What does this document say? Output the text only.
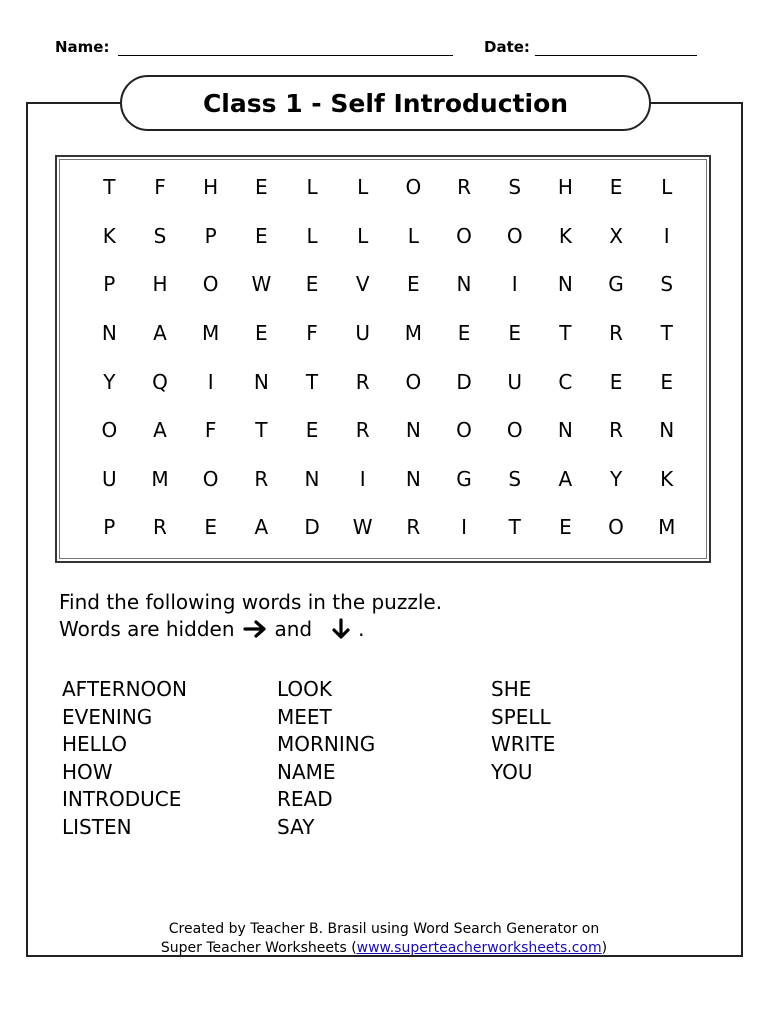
Name:	Date:
Class 1 - Self Introduction
T	F	H	E	L	L	O	R	S	H	E	L
K	S	P	E	L	L	L	O	O	K	X	I
P	H	O	W	E	V	E	N	I	N	G	S
N	A	M	E	F	U	M	E	E	T	R	T
Y	Q	I	N	T	R	O	D	U	C	E	E
O	A	F	T	E	R	N	O	O	N	R	N
U	M	O	R	N	I	N	G	S	A	Y	K
P	R	E	A	D	W	R	I	T	E	O	M
Find the following words in the puzzle.
Words are hidden and .
AFTERNOON
EVENING
HELLO
HOW
INTRODUCE
LISTEN
LOOK
MEET
MORNING
NAME
READ
SAY
SHE
SPELL
WRITE
YOU
Created by Teacher B. Brasil using Word Search Generator on
Super Teacher Worksheets (www.superteacherworksheets.com)
